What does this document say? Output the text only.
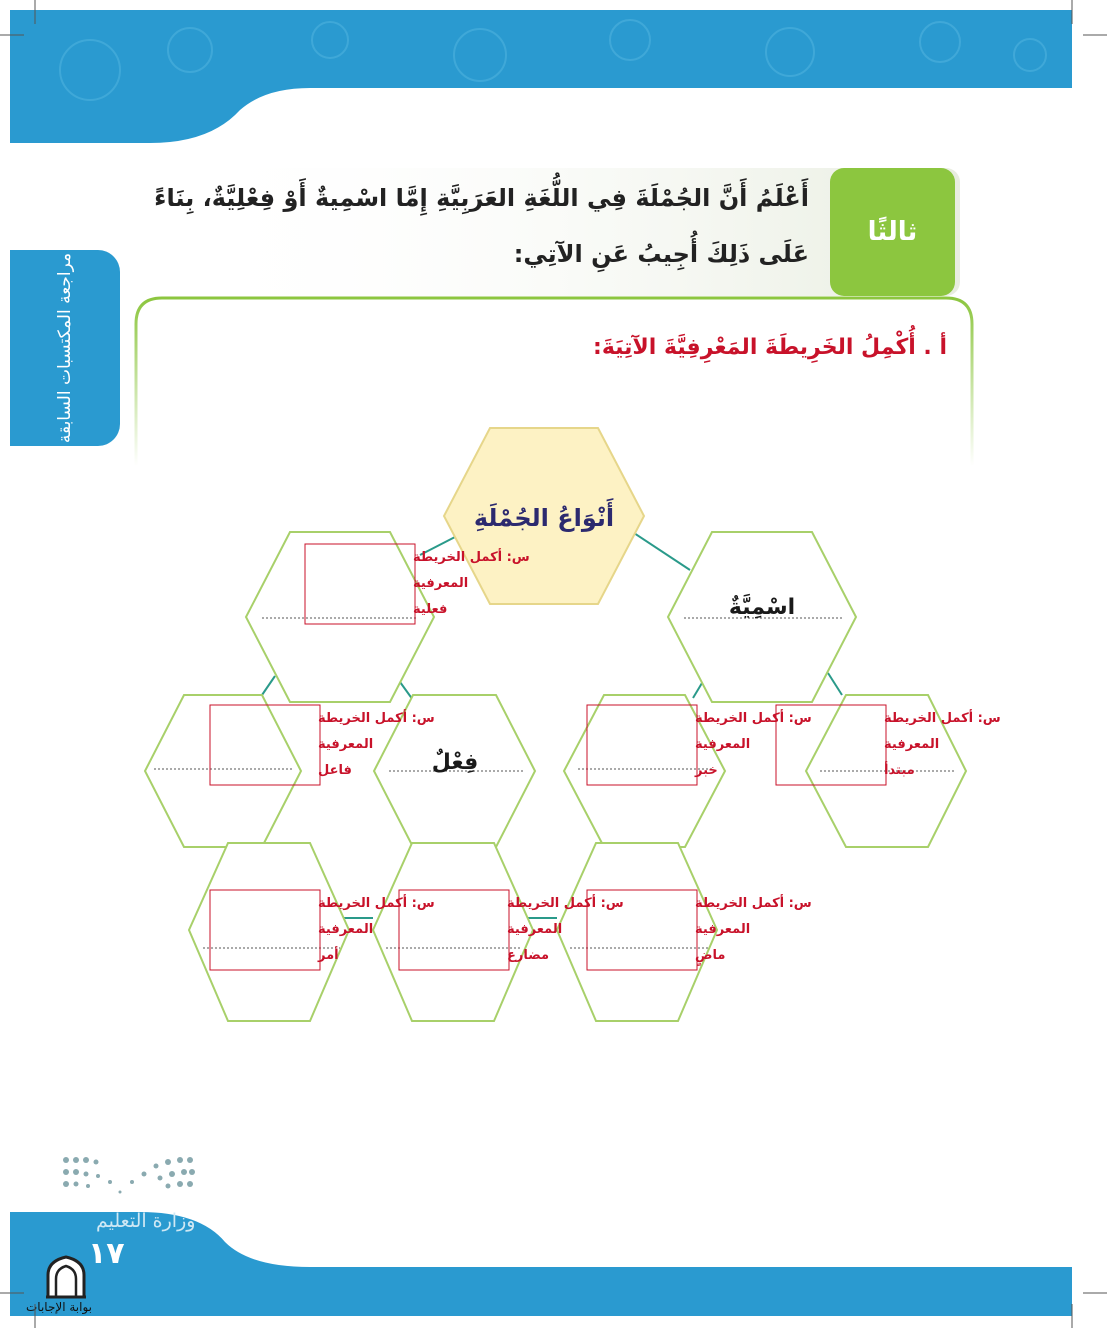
مراجعة المكتسبات السابقة
ثالثًا
أَعْلَمُ أَنَّ الجُمْلَةَ فِي اللُّغَةِ العَرَبِيَّةِ إِمَّا اسْمِيةٌ أَوْ فِعْلِيَّةٌ، بِنَاءً
عَلَى ذَلِكَ أُجِيبُ عَنِ الآتِي:
أ . أُكْمِلُ الخَرِيطَةَ المَعْرِفِيَّةَ الآتِيَةَ:
أَنْوَاعُ الجُمْلَةِ
اسْمِيَّةٌ
فِعْلٌ
س: أكمل الخريطة
المعرفية
فعلية
س: أكمل الخريطة
المعرفية
فاعل
س: أكمل الخريطة
المعرفية
خبر
س: أكمل الخريطة
المعرفية
مبتدأ
س: أكمل الخريطة
المعرفية
أمر
س: أكمل الخريطة
المعرفية
مضارع
س: أكمل الخريطة
المعرفية
ماضٍ
وزارة التعليم
١٧
بوابة الإجابات
